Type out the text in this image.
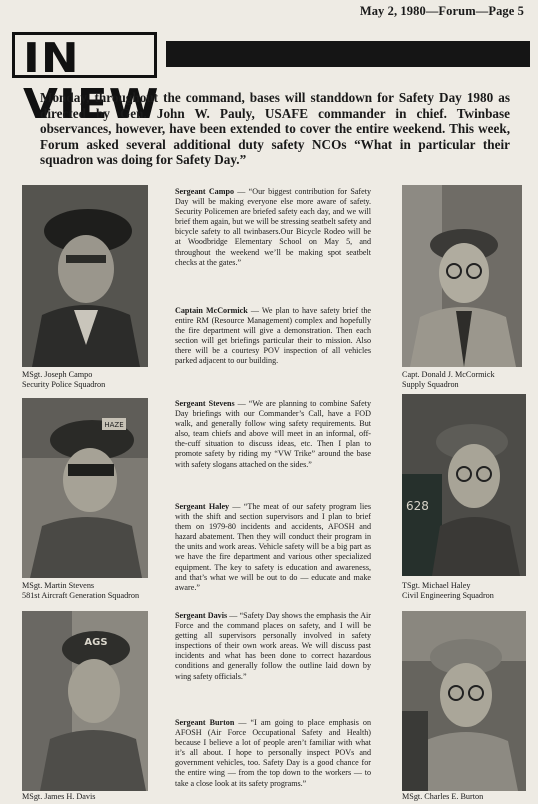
May 2, 1980—Forum—Page 5
IN VIEW
Monday, throughout the command, bases will standdown for Safety Day 1980 as directed by Gen. John W. Pauly, USAFE commander in chief. Twinbase observances, however, have been extended to cover the entire weekend. This week, Forum asked several additional duty safety NCOs “What in particular their squadron was doing for Safety Day.”
MSgt. Joseph Campo
Security Police Squadron
Sergeant Campo — “Our biggest contribution for Safety Day will be making everyone else more aware of safety. Security Policemen are briefed safety each day, and we will brief them again, but we will be stressing seatbelt safety and bicycle safety to all twinbasers.Our Bicycle Rodeo will be at Woodbridge Elementary School on May 5, and throughout the weekend we’ll be making spot seatbelt checks at the gates.”
Captain McCormick — We plan to have safety brief the entire RM (Resource Management) complex and hopefully the fire department will give a demonstration. Then each section will get briefings particular their to mission. Also there will be a courtesy POV inspection of all vehicles parked adjacent to our building.
Capt. Donald J. McCormick
Supply Squadron
HAZE
MSgt. Martin Stevens
581st Aircraft Generation Squadron
Sergeant Stevens — “We are planning to combine Safety Day briefings with our Commander’s Call, have a FOD walk, and generally follow wing safety requirements. But also, team chiefs and above will meet in an informal, off-the-cuff situation to discuss ideas, etc. Then I plan to promote safety by riding my “VW Trike” around the base with safety slogans attached on the sides.”
Sergeant Haley — “The meat of our safety program lies with the shift and section supervisors and I plan to brief them on 1979-80 incidents and accidents, AFOSH and hazard abatement. Then they will conduct their program in the units and work areas. Vehicle safety will be a big part as we have the fire department and various other specialized equipment. The key to safety is education and awareness, and that’s what we will be out to do — educate and make aware.”
628
TSgt. Michael Haley
Civil Engineering Squadron
AGS
MSgt. James H. Davis
Sergeant Davis — “Safety Day shows the emphasis the Air Force and the command places on safety, and I will be getting all supervisors personally involved in safety inspections of their own work areas. We will discuss past incidents and what has been done to correct hazardous conditions and generally follow the outline laid down by wing safety officials.”
Sergeant Burton — “I am going to place emphasis on AFOSH (Air Force Occupational Safety and Health) because I believe a lot of people aren’t familiar with what it’s all about. I hope to personally inspect POVs and government vehicles, too. Safety Day is a good chance for the entire wing — from the top down to the workers — to take a close look at its safety programs.”
MSgt. Charles E. Burton
